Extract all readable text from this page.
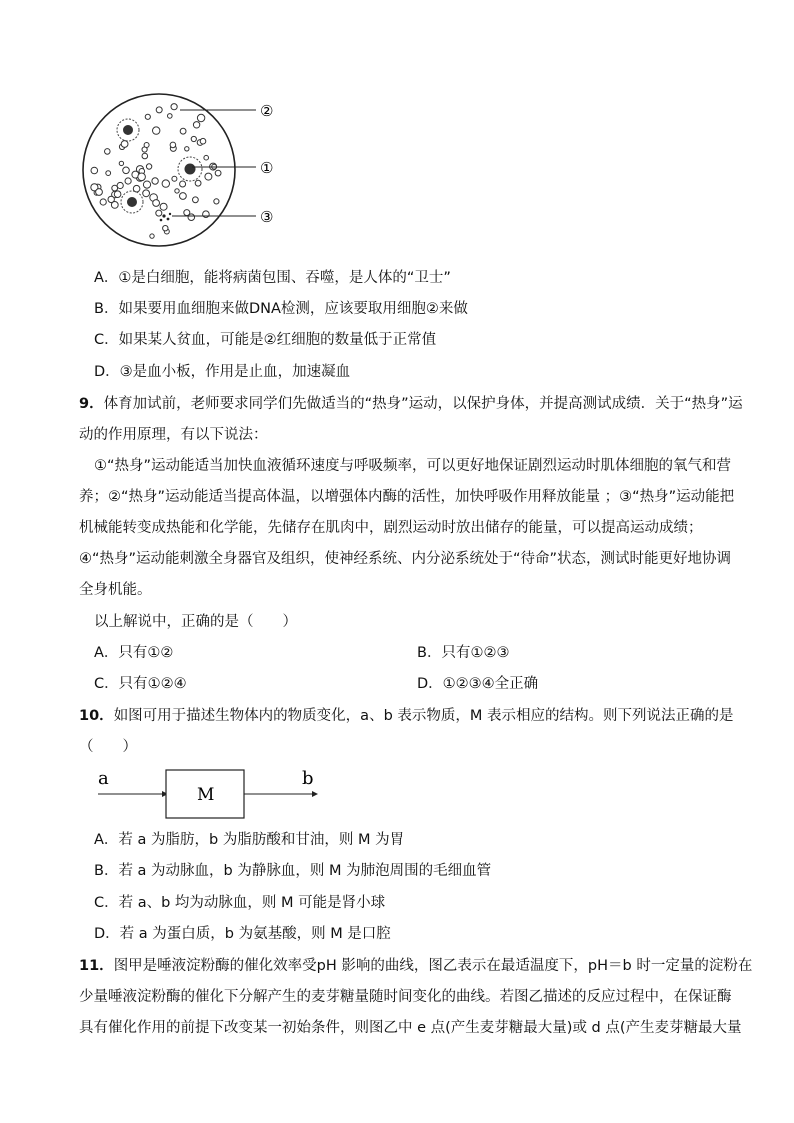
②
①
③
A．①是白细胞，能将病菌包围、吞噬，是人体的“卫士”
B．如果要用血细胞来做DNA检测，应该要取用细胞②来做
C．如果某人贫血，可能是②红细胞的数量低于正常值
D．③是血小板，作用是止血，加速凝血
9．体育加试前，老师要求同学们先做适当的“热身”运动，以保护身体，并提高测试成绩．关于“热身”运
动的作用原理，有以下说法：
①“热身”运动能适当加快血液循环速度与呼吸频率，可以更好地保证剧烈运动时肌体细胞的氧气和营
养；②“热身”运动能适当提高体温，以增强体内酶的活性，加快呼吸作用释放能量 ；③“热身”运动能把
机械能转变成热能和化学能，先储存在肌肉中，剧烈运动时放出储存的能量，可以提高运动成绩；
④“热身”运动能刺激全身器官及组织，使神经系统、内分泌系统处于“待命”状态，测试时能更好地协调
全身机能。
以上解说中，正确的是（　　）
A．只有①②	B．只有①②③
C．只有①②④	D．①②③④全正确
10．如图可用于描述生物体内的物质变化，a、b 表示物质，M 表示相应的结构。则下列说法正确的是
（　　）
a
M
b
A．若 a 为脂肪，b 为脂肪酸和甘油，则 M 为胃
B．若 a 为动脉血，b 为静脉血，则 M 为肺泡周围的毛细血管
C．若 a、b 均为动脉血，则 M 可能是肾小球
D．若 a 为蛋白质，b 为氨基酸，则 M 是口腔
11．图甲是唾液淀粉酶的催化效率受pH 影响的曲线，图乙表示在最适温度下，pH＝b 时一定量的淀粉在
少量唾液淀粉酶的催化下分解产生的麦芽糖量随时间变化的曲线。若图乙描述的反应过程中，在保证酶
具有催化作用的前提下改变某一初始条件，则图乙中 e 点(产生麦芽糖最大量)或 d 点(产生麦芽糖最大量
